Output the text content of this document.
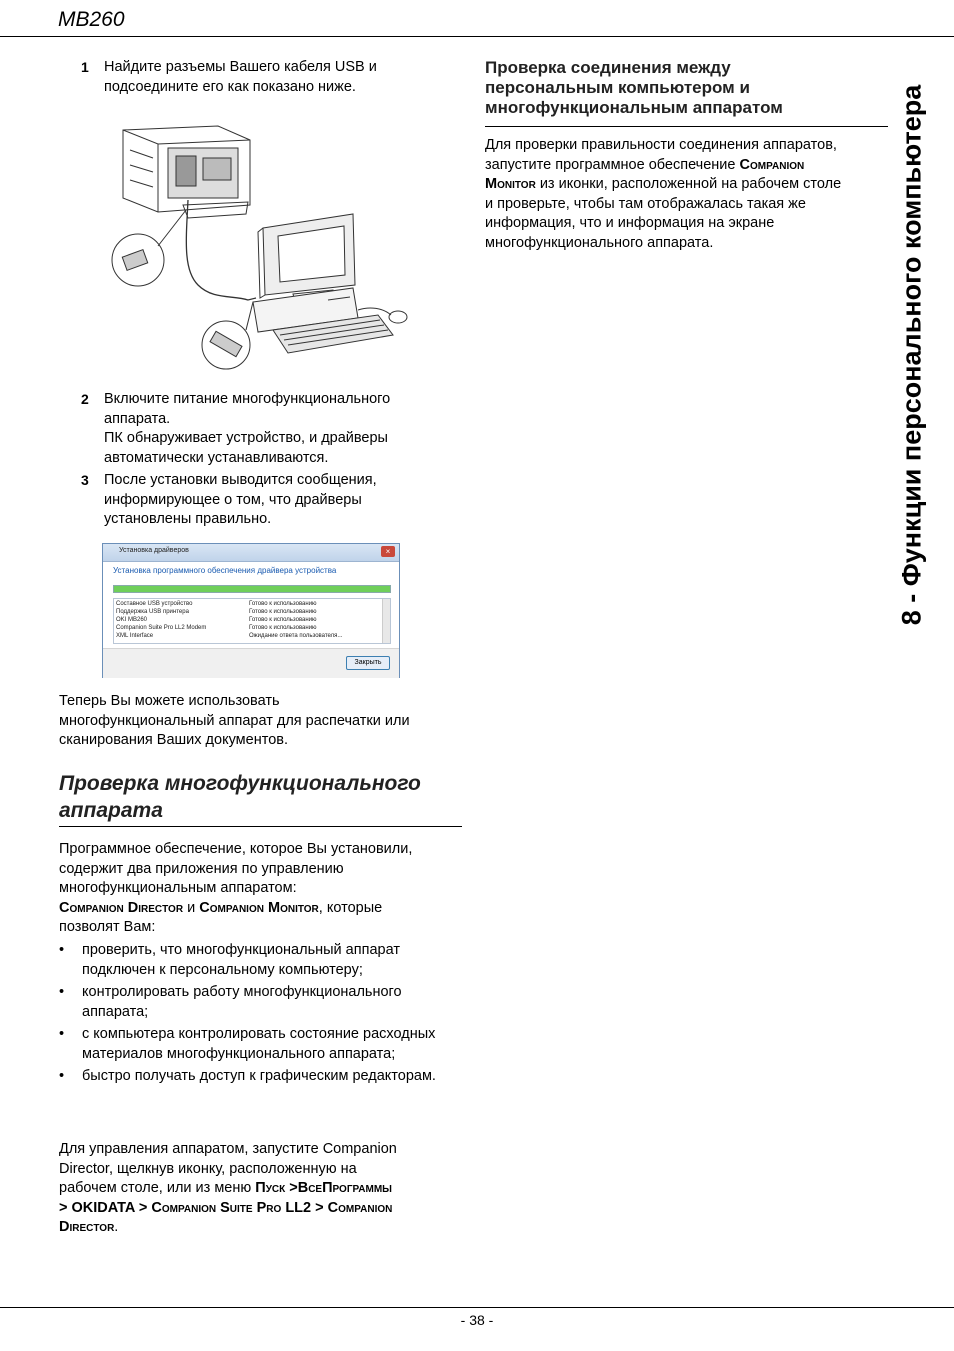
MB260
8 - Функции персонального компьютера
1 Найдите разъемы Вашего кабеля USB и
подсоедините его как показано ниже.
2 Включите питание многофункционального
аппарата.
ПК обнаруживает устройство, и драйверы
автоматически устанавливаются.
3 После установки выводится сообщения,
информирующее о том, что драйверы
установлены правильно.
Установка драйверов	×
Установка программного обеспечения драйвера устройства
Составное USB устройство	Готово к использованию
Поддержка USB принтера	Готово к использованию
OKI MB260	Готово к использованию
Companion Suite Pro LL2 Modem	Готово к использованию
XML Interface	Ожидание ответа пользователя...
Закрыть
Теперь Вы можете использовать
многофункциональный аппарат для распечатки или
сканирования Ваших документов.
Проверка многофункционального
аппарата
Программное обеспечение, которое Вы установили,
содержит два приложения по управлению
многофункциональным аппаратом:
Companion Director и Companion Monitor, которые
позволят Вам:
• проверить, что многофункциональный аппарат подключен к персональному компьютеру;
• контролировать работу многофункционального аппарата;
• с компьютера контролировать состояние расходных материалов многофункционального аппарата;
• быстро получать доступ к графическим редакторам.
Для управления аппаратом, запустите Companion
Director, щелкнув иконку, расположенную на
рабочем столе, или из меню Пуск >ВсеПрограммы
> OKIDATA > Companion Suite Pro LL2 > Companion
Director.
Проверка соединения между
персональным компьютером и
многофункциональным аппаратом
Для проверки правильности соединения аппаратов,
запустите программное обеспечение Companion
Monitor из иконки, расположенной на рабочем столе
и проверьте, чтобы там отображалась такая же
информация, что и информация на экране
многофункционального аппарата.
- 38 -
